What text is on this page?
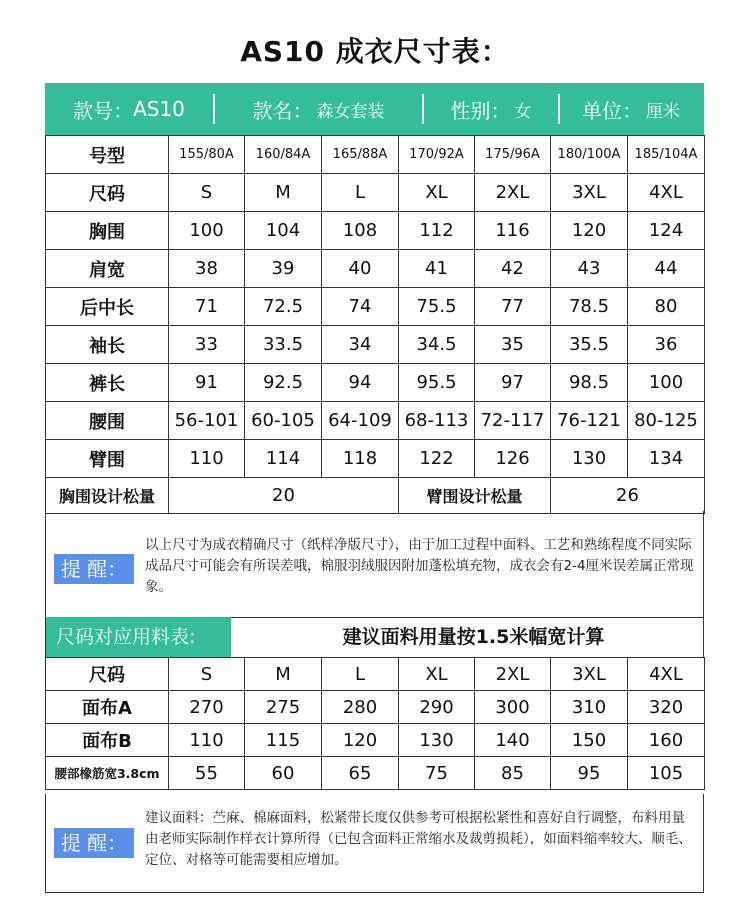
AS10 成衣尺寸表：
款号： AS10	款名： 森女套装	性别： 女	单位： 厘米
号型	155/80A	160/84A	165/88A	170/92A	175/96A	180/100A	185/104A
尺码	S	M	L	XL	2XL	3XL	4XL
胸围	100	104	108	112	116	120	124
肩宽	38	39	40	41	42	43	44
后中长	71	72.5	74	75.5	77	78.5	80
袖长	33	33.5	34	34.5	35	35.5	36
裤长	91	92.5	94	95.5	97	98.5	100
腰围	56-101	60-105	64-109	68-113	72-117	76-121	80-125
臂围	110	114	118	122	126	130	134
胸围设计松量	20			臂围设计松量		26	
提 醒：
以上尺寸为成衣精确尺寸（纸样净版尺寸），由于加工过程中面料、工艺和熟练程度不同实际成品尺寸可能会有所误差哦，棉服羽绒服因附加蓬松填充物，成衣会有2-4厘米误差属正常现象。
尺码对应用料表:	建议面料用量按1.5米幅宽计算
尺码	S	M	L	XL	2XL	3XL	4XL
面布A	270	275	280	290	300	310	320
面布B	110	115	120	130	140	150	160
腰部橡筋宽3.8cm	55	60	65	75	85	95	105
提 醒：
建议面料：苎麻、棉麻面料，松紧带长度仅供参考可根据松紧性和喜好自行调整，布料用量由老师实际制作样衣计算所得（已包含面料正常缩水及裁剪损耗），如面料缩率较大、顺毛、定位、对格等可能需要相应增加。
